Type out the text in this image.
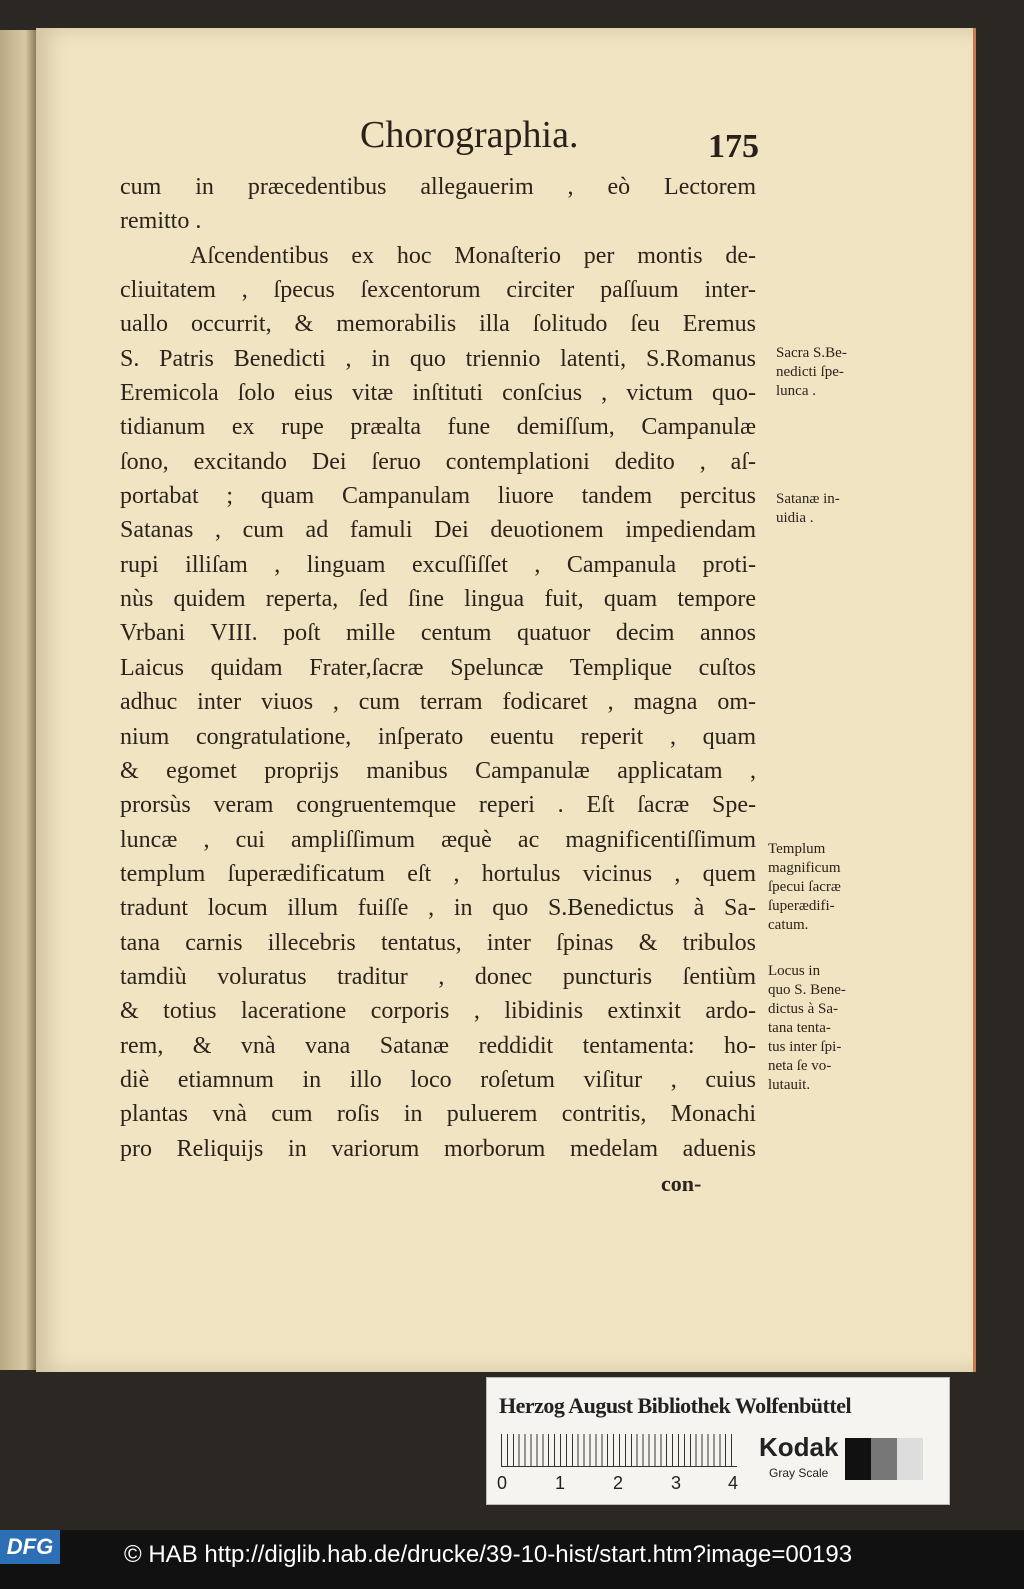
Chorographia.	175
cum in præcedentibus allegauerim , eò Lectorem
remitto .
Aſcendentibus ex hoc Monaſterio per montis de-
cliuitatem , ſpecus ſexcentorum circiter paſſuum inter-
uallo occurrit, & memorabilis illa ſolitudo ſeu Eremus
S. Patris Benedicti , in quo triennio latenti, S.Romanus
Eremicola ſolo eius vitæ inſtituti conſcius , victum quo-
tidianum ex rupe præalta fune demiſſum, Campanulæ
ſono, excitando Dei ſeruo contemplationi dedito , aſ-
portabat ; quam Campanulam liuore tandem percitus
Satanas , cum ad famuli Dei deuotionem impediendam
rupi illiſam , linguam excuſſiſſet , Campanula proti-
nùs quidem reperta, ſed ſine lingua fuit, quam tempore
Vrbani VIII. poſt mille centum quatuor decim annos
Laicus quidam Frater,ſacræ Speluncæ Templique cuſtos
adhuc inter viuos , cum terram fodicaret , magna om-
nium congratulatione, inſperato euentu reperit , quam
& egomet proprijs manibus Campanulæ applicatam ,
prorsùs veram congruentemque reperi . Eſt ſacræ Spe-
luncæ , cui ampliſſimum æquè ac magnificentiſſimum
templum ſuperædificatum eſt , hortulus vicinus , quem
tradunt locum illum fuiſſe , in quo S.Benedictus à Sa-
tana carnis illecebris tentatus, inter ſpinas & tribulos
tamdiù voluratus traditur , donec puncturis ſentiùm
& totius laceratione corporis , libidinis extinxit ardo-
rem, & vnà vana Satanæ reddidit tentamenta: ho-
diè etiamnum in illo loco roſetum viſitur , cuius
plantas vnà cum roſis in puluerem contritis, Monachi
pro Reliquijs in variorum morborum medelam aduenis
Sacra S.Be-
nedicti ſpe-
lunca .
Satanæ in-
uidia .
Templum
magnificum
ſpecui ſacræ
ſuperædifi-
catum.
Locus in
quo S. Bene-
dictus à Sa-
tana tenta-
tus inter ſpi-
neta ſe vo-
lutauit.
con-
Herzog August Bibliothek Wolfenbüttel
0	1	2	3	4
Kodak
Gray Scale
DFG	© HAB http://diglib.hab.de/drucke/39-10-hist/start.htm?image=00193
